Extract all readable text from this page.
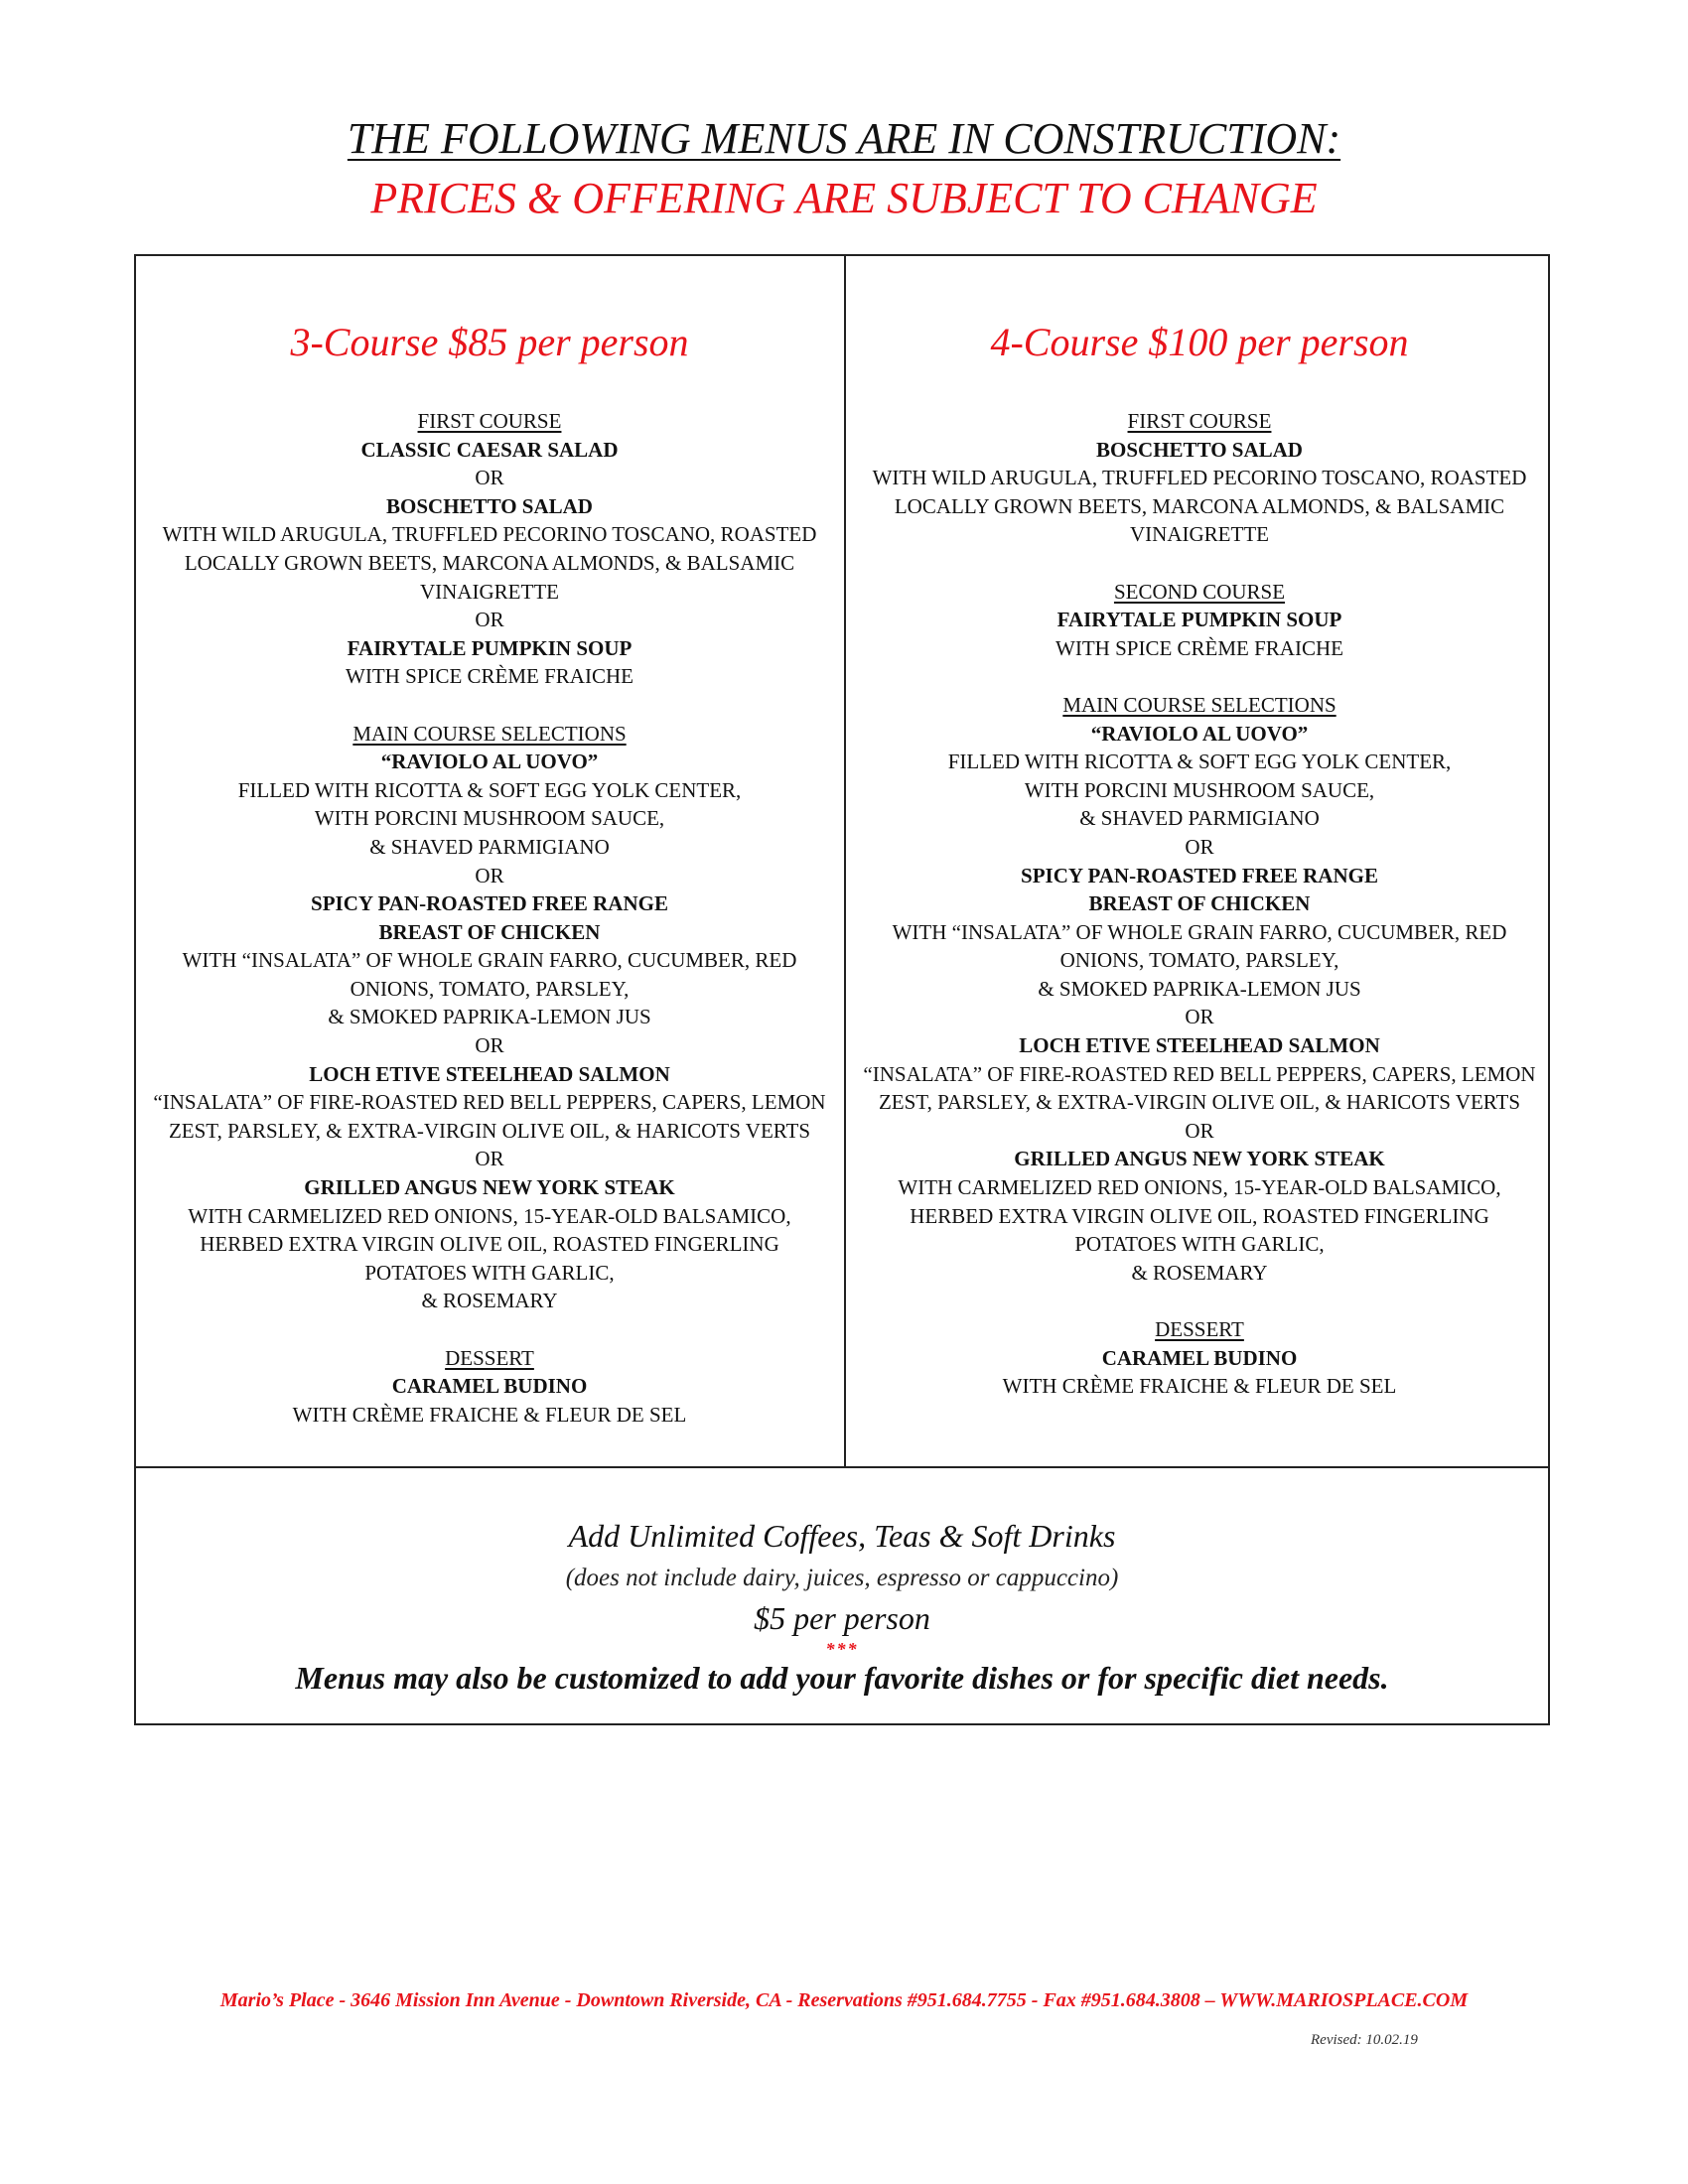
THE FOLLOWING MENUS ARE IN CONSTRUCTION:
PRICES & OFFERING ARE SUBJECT TO CHANGE
3-Course $85 per person
FIRST COURSE
CLASSIC CAESAR SALAD
OR
BOSCHETTO SALAD
WITH WILD ARUGULA, TRUFFLED PECORINO TOSCANO, ROASTED
LOCALLY GROWN BEETS, MARCONA ALMONDS, & BALSAMIC
VINAIGRETTE
OR
FAIRYTALE PUMPKIN SOUP
WITH SPICE CRÈME FRAICHE
MAIN COURSE SELECTIONS
“RAVIOLO AL UOVO”
FILLED WITH RICOTTA & SOFT EGG YOLK CENTER,
WITH PORCINI MUSHROOM SAUCE,
& SHAVED PARMIGIANO
OR
SPICY PAN-ROASTED FREE RANGE
BREAST OF CHICKEN
WITH “INSALATA” OF WHOLE GRAIN FARRO, CUCUMBER, RED
ONIONS, TOMATO, PARSLEY,
& SMOKED PAPRIKA-LEMON JUS
OR
LOCH ETIVE STEELHEAD SALMON
“INSALATA” OF FIRE-ROASTED RED BELL PEPPERS, CAPERS, LEMON
ZEST, PARSLEY, & EXTRA-VIRGIN OLIVE OIL, & HARICOTS VERTS
OR
GRILLED ANGUS NEW YORK STEAK
WITH CARMELIZED RED ONIONS, 15-YEAR-OLD BALSAMICO,
HERBED EXTRA VIRGIN OLIVE OIL, ROASTED FINGERLING
POTATOES WITH GARLIC,
& ROSEMARY
DESSERT
CARAMEL BUDINO
WITH CRÈME FRAICHE & FLEUR DE SEL
4-Course $100 per person
FIRST COURSE
BOSCHETTO SALAD
WITH WILD ARUGULA, TRUFFLED PECORINO TOSCANO, ROASTED
LOCALLY GROWN BEETS, MARCONA ALMONDS, & BALSAMIC
VINAIGRETTE
SECOND COURSE
FAIRYTALE PUMPKIN SOUP
WITH SPICE CRÈME FRAICHE
MAIN COURSE SELECTIONS
“RAVIOLO AL UOVO”
FILLED WITH RICOTTA & SOFT EGG YOLK CENTER,
WITH PORCINI MUSHROOM SAUCE,
& SHAVED PARMIGIANO
OR
SPICY PAN-ROASTED FREE RANGE
BREAST OF CHICKEN
WITH “INSALATA” OF WHOLE GRAIN FARRO, CUCUMBER, RED
ONIONS, TOMATO, PARSLEY,
& SMOKED PAPRIKA-LEMON JUS
OR
LOCH ETIVE STEELHEAD SALMON
“INSALATA” OF FIRE-ROASTED RED BELL PEPPERS, CAPERS, LEMON
ZEST, PARSLEY, & EXTRA-VIRGIN OLIVE OIL, & HARICOTS VERTS
OR
GRILLED ANGUS NEW YORK STEAK
WITH CARMELIZED RED ONIONS, 15-YEAR-OLD BALSAMICO,
HERBED EXTRA VIRGIN OLIVE OIL, ROASTED FINGERLING
POTATOES WITH GARLIC,
& ROSEMARY
DESSERT
CARAMEL BUDINO
WITH CRÈME FRAICHE & FLEUR DE SEL
Add Unlimited Coffees, Teas & Soft Drinks
(does not include dairy, juices, espresso or cappuccino)
$5 per person
***
Menus may also be customized to add your favorite dishes or for specific diet needs.
Mario’s Place - 3646 Mission Inn Avenue - Downtown Riverside, CA - Reservations #951.684.7755 - Fax #951.684.3808 – WWW.MARIOSPLACE.COM
Revised: 10.02.19
